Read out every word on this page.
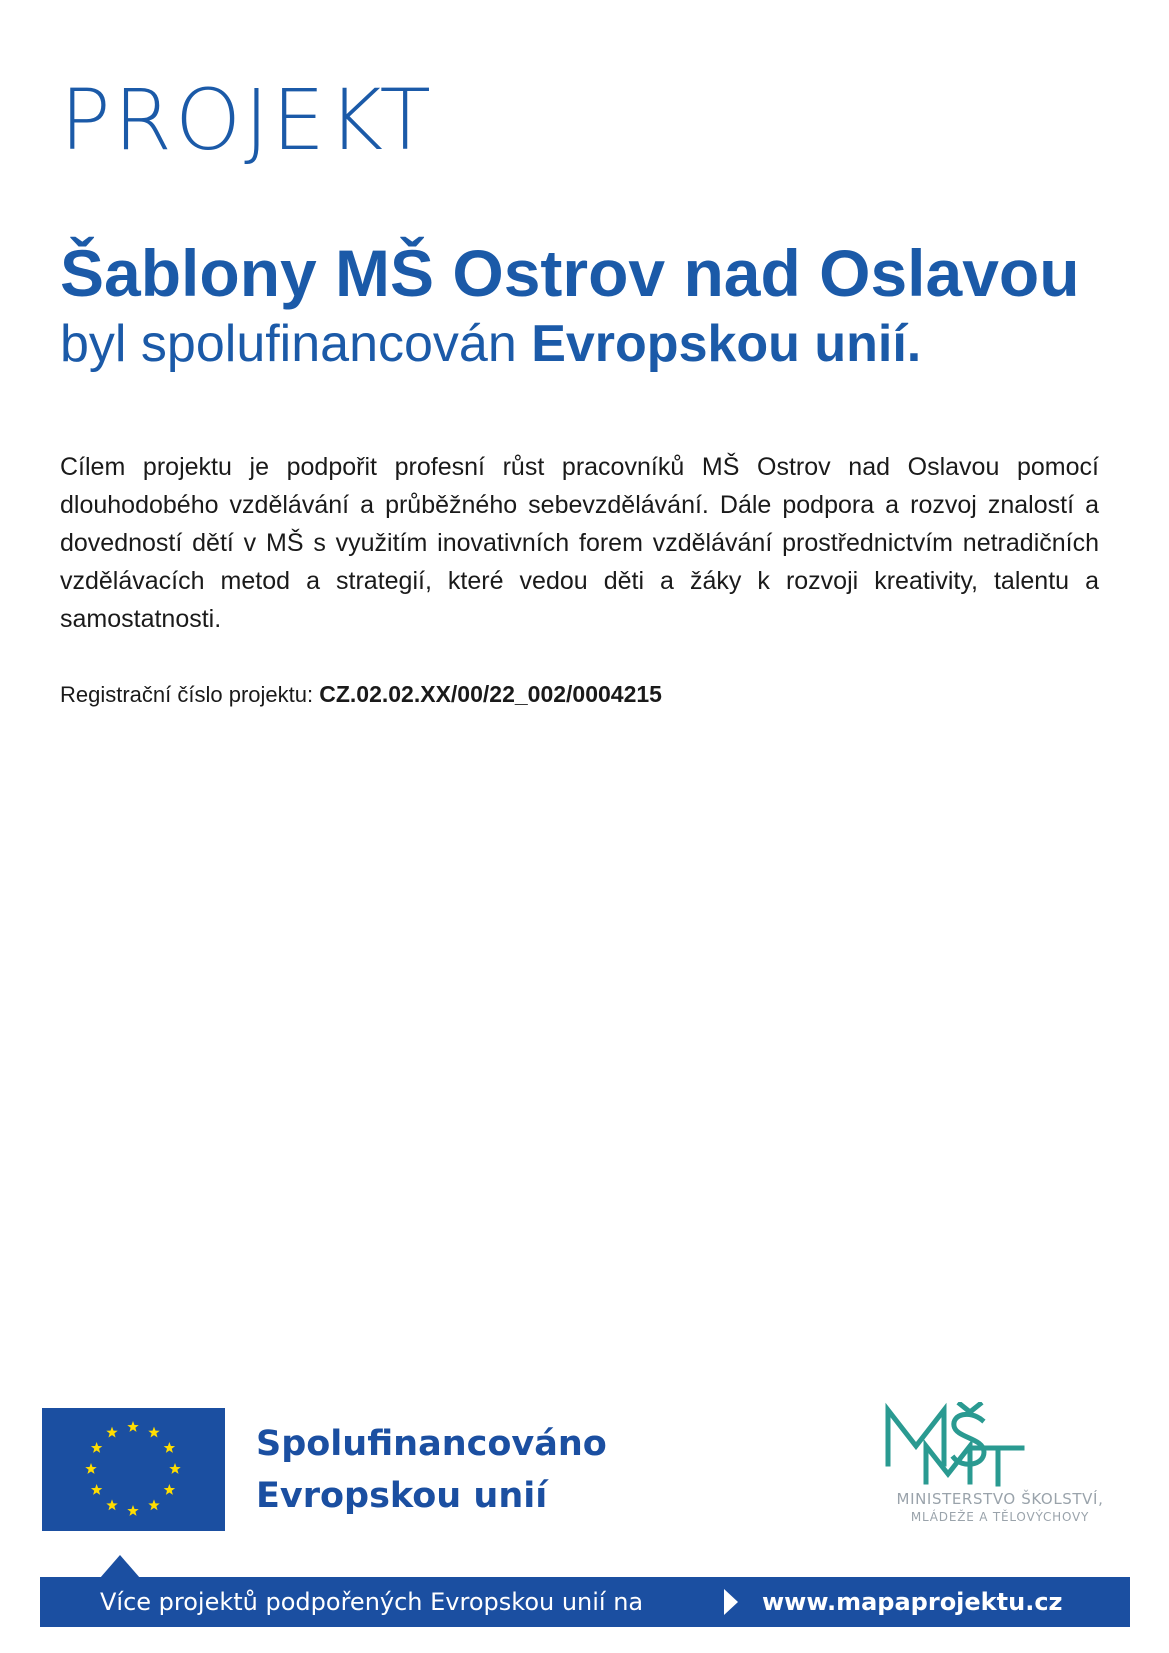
PROJEKT
Šablony MŠ Ostrov nad Oslavou
byl spolufinancován Evropskou unií.

Cílem projektu je podpořit profesní růst pracovníků MŠ Ostrov nad Oslavou pomocí dlouhodobého vzdělávání a průběžného sebevzdělávání. Dále podpora a rozvoj znalostí a dovedností dětí v MŠ s využitím inovativních forem vzdělávání prostřednictvím netradičních vzdělávacích metod a strategií, které vedou děti a žáky k rozvoji kreativity, talentu a samostatnosti.

Registrační číslo projektu: CZ.02.02.XX/00/22_002/0004215
Spolufinancováno
Evropskou unií	MINISTERSTVO ŠKOLSTVÍ,
MLÁDEŽE A TĚLOVÝCHOVY
Více projektů podpořených Evropskou unií na	www.mapaprojektu.cz
